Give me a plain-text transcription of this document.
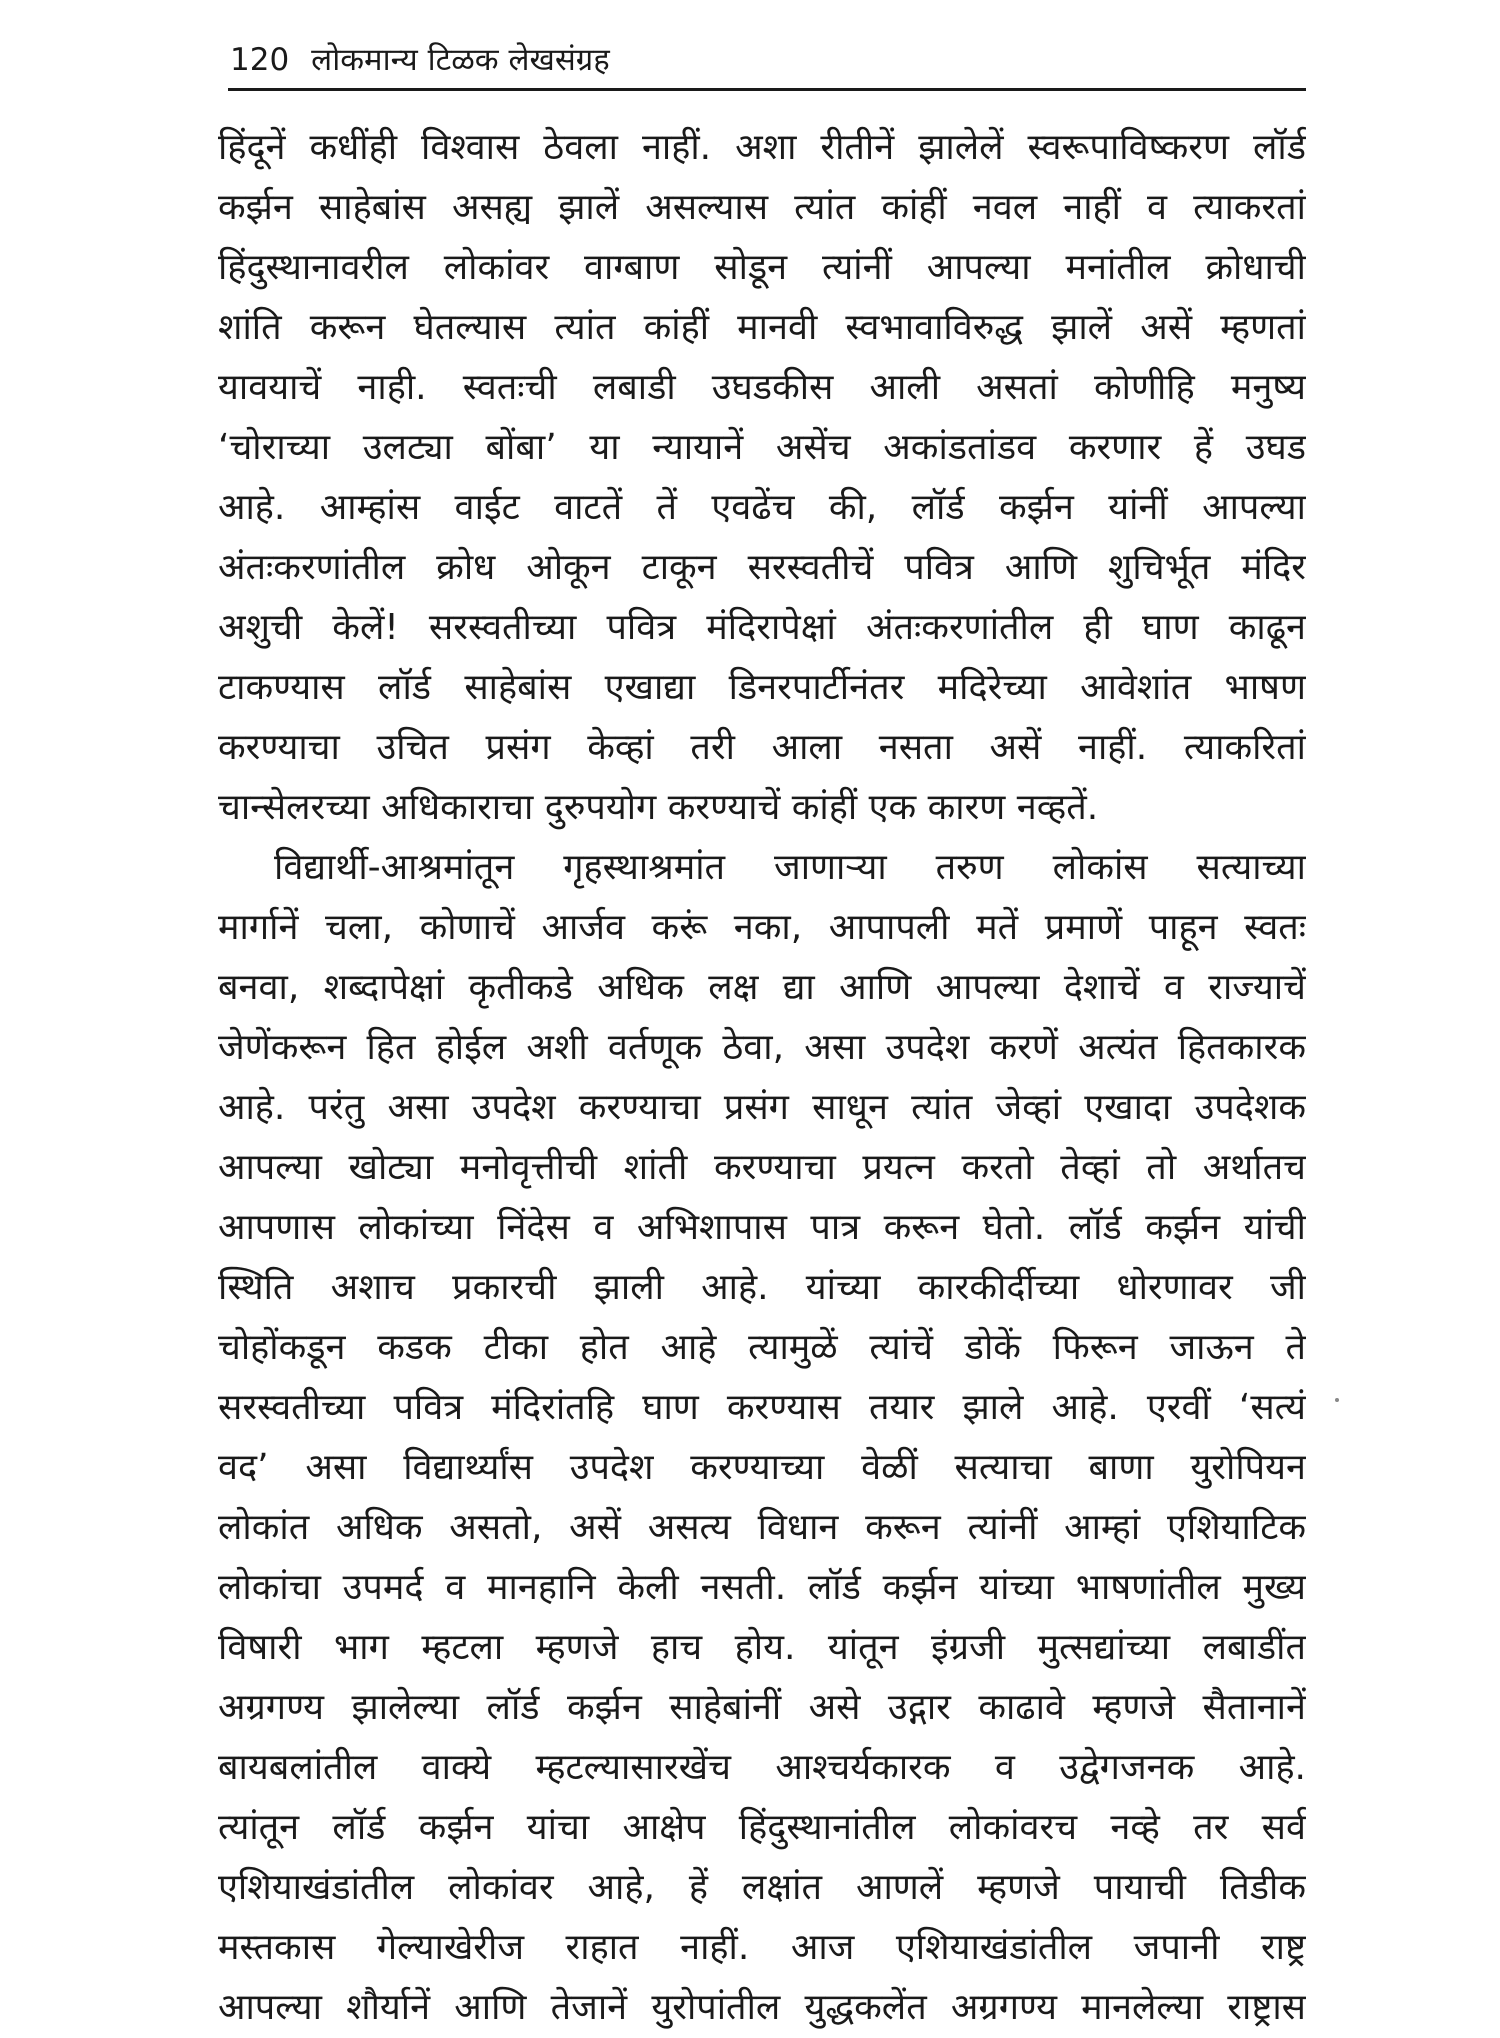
120 लोकमान्य टिळक लेखसंग्रह
हिंदूनें कधींही विश्वास ठेवला नाहीं. अशा रीतीनें झालेलें स्वरूपाविष्करण लॉर्ड
कर्झन साहेबांस असह्य झालें असल्यास त्यांत कांहीं नवल नाहीं व त्याकरतां
हिंदुस्थानावरील लोकांवर वाग्बाण सोडून त्यांनीं आपल्या मनांतील क्रोधाची
शांति करून घेतल्यास त्यांत कांहीं मानवी स्वभावाविरुद्ध झालें असें म्हणतां
यावयाचें नाही. स्वतःची लबाडी उघडकीस आली असतां कोणीहि मनुष्य
‘चोराच्या उलट्या बोंबा’ या न्यायानें असेंच अकांडतांडव करणार हें उघड
आहे. आम्हांस वाईट वाटतें तें एवढेंच की, लॉर्ड कर्झन यांनीं आपल्या
अंतःकरणांतील क्रोध ओकून टाकून सरस्वतीचें पवित्र आणि शुचिर्भूत मंदिर
अशुची केलें! सरस्वतीच्या पवित्र मंदिरापेक्षां अंतःकरणांतील ही घाण काढून
टाकण्यास लॉर्ड साहेबांस एखाद्या डिनरपार्टीनंतर मदिरेच्या आवेशांत भाषण
करण्याचा उचित प्रसंग केव्हां तरी आला नसता असें नाहीं. त्याकरितां
चान्सेलरच्या अधिकाराचा दुरुपयोग करण्याचें कांहीं एक कारण नव्हतें.
विद्यार्थी-आश्रमांतून गृहस्थाश्रमांत जाणाऱ्या तरुण लोकांस सत्याच्या
मार्गानें चला, कोणाचें आर्जव करूं नका, आपापली मतें प्रमाणें पाहून स्वतः
बनवा, शब्दापेक्षां कृतीकडे अधिक लक्ष द्या आणि आपल्या देशाचें व राज्याचें
जेणेंकरून हित होईल अशी वर्तणूक ठेवा, असा उपदेश करणें अत्यंत हितकारक
आहे. परंतु असा उपदेश करण्याचा प्रसंग साधून त्यांत जेव्हां एखादा उपदेशक
आपल्या खोट्या मनोवृत्तीची शांती करण्याचा प्रयत्न करतो तेव्हां तो अर्थातच
आपणास लोकांच्या निंदेस व अभिशापास पात्र करून घेतो. लॉर्ड कर्झन यांची
स्थिति अशाच प्रकारची झाली आहे. यांच्या कारकीर्दीच्या धोरणावर जी
चोहोंकडून कडक टीका होत आहे त्यामुळें त्यांचें डोकें फिरून जाऊन ते
सरस्वतीच्या पवित्र मंदिरांतहि घाण करण्यास तयार झाले आहे. एरवीं ‘सत्यं
वद’ असा विद्यार्थ्यांस उपदेश करण्याच्या वेळीं सत्याचा बाणा युरोपियन
लोकांत अधिक असतो, असें असत्य विधान करून त्यांनीं आम्हां एशियाटिक
लोकांचा उपमर्द व मानहानि केली नसती. लॉर्ड कर्झन यांच्या भाषणांतील मुख्य
विषारी भाग म्हटला म्हणजे हाच होय. यांतून इंग्रजी मुत्सद्यांच्या लबाडींत
अग्रगण्य झालेल्या लॉर्ड कर्झन साहेबांनीं असे उद्गार काढावे म्हणजे सैतानानें
बायबलांतील वाक्ये म्हटल्यासारखेंच आश्चर्यकारक व उद्वेगजनक आहे.
त्यांतून लॉर्ड कर्झन यांचा आक्षेप हिंदुस्थानांतील लोकांवरच नव्हे तर सर्व
एशियाखंडांतील लोकांवर आहे, हें लक्षांत आणलें म्हणजे पायाची तिडीक
मस्तकास गेल्याखेरीज राहात नाहीं. आज एशियाखंडांतील जपानी राष्ट्र
आपल्या शौर्यानें आणि तेजानें युरोपांतील युद्धकलेंत अग्रगण्य मानलेल्या राष्ट्रास
